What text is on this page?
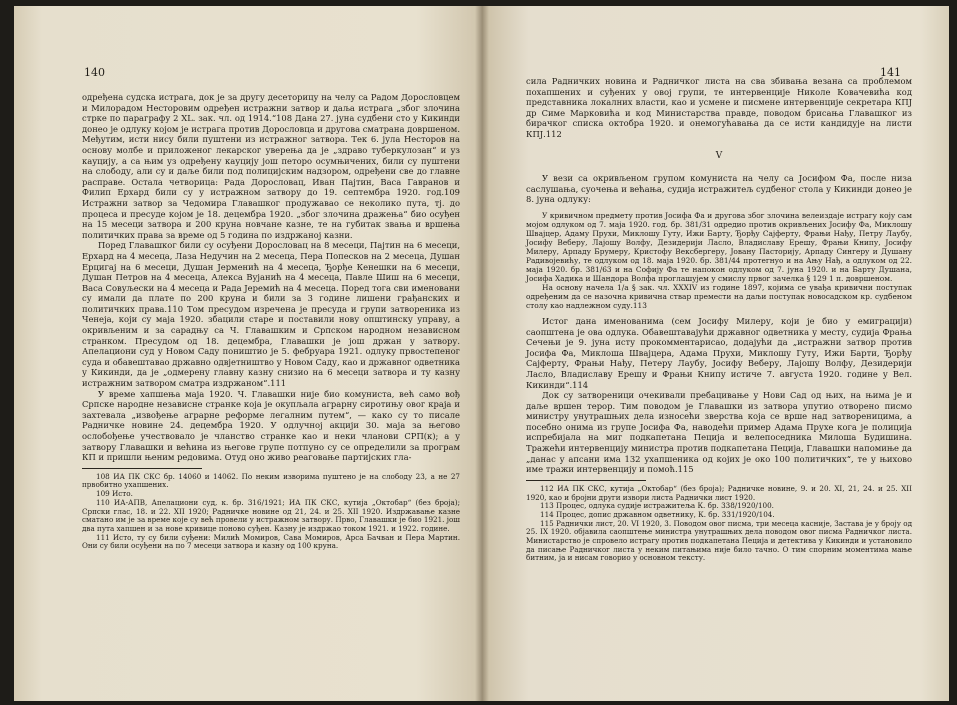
140

одређена судска истрага, док је за другу десеторицу на челу са Радом Дорословцем и Милорадом Несторовим одређен истражни затвор и даља истрага „због злочина стрке по параграфу 2 ХL. зак. чл. од 1914.“108 Дана 27. јуна судбени сто у Кикинди донео је одлуку којом је истрага против Дорословца и другова сматрана довршеном. Међутим, исти нису били пуштени из истражног затвора. Тек 6. јула Несторов на основу молбе и приложеног лекарског уверења да је „здраво туберкулозан“ и уз кауцију, а са њим уз одређену кауцију још петоро осумњичених, били су пуштени на слободу, али су и даље били под полицијским надзором, одређени све до главне расправе. Остала четворица: Рада Дорословац, Иван Пајтин, Васа Гавранов и Филип Ерхард били су у истражном затвору до 19. септембра 1920. год.109 Истражни затвор за Чедомира Главашког продужавао се неколико пута, тј. до процеса и пресуде којом је 18. децембра 1920. „због злочина дражења“ био осуђен на 15 месеци затвора и 200 круна новчане казне, те на губитак звања и вршења политичких права за време од 5 година по издржаној казни.

Поред Главашког били су осуђени Дорословац на 8 месеци, Пајтин на 6 месеци, Ерхард на 4 месеца, Лаза Недучин на 2 месеца, Пера Попесков на 2 месеца, Душан Ерцигај на 6 месеци, Душан Јерменић на 4 месеца, Ђорђе Кенешки на 6 месеци, Душан Петров на 4 месеца, Алекса Вујанић на 4 месеца, Павле Шиш на 6 месеци, Васа Совуљески на 4 месеца и Рада Јеремић на 4 месеца. Поред тога сви именовани су имали да плате по 200 круна и били за 3 године лишени грађанских и политичких права.110 Том пресудом изречена је пресуда и групи затвореника из Ченеја, који су маја 1920. збацили старе и поставили нову општинску управу, а окривљеним и за сарадњу са Ч. Главашким и Српском народном независном странком. Пресудом од 18. децембра, Главашки је још држан у затвору. Апелациони суд у Новом Саду поништио је 5. фебруара 1921. одлуку првостепеног суда и обавештавао државно одвјетништво у Новом Саду, као и државног одветника у Кикинди, да је „одмерену главну казну снизио на 6 месеци затвора и ту казну истражним затвором сматра издржаном“.111

У време хапшења маја 1920. Ч. Главашки није био комуниста, већ само вођ Српске народне независне странке која је окупљала аграрну сиротињу овог краја и захтевала „извођење аграрне реформе легалним путем“, — како су то писале Радничке новине 24. децембра 1920. У одлучној акцији 30. маја за његово ослобођење учествовало је чланство странке као и неки чланови СРП(к); а у затвору Главашки и већина из његове групе потпуно су се определили за програм КП и пришли њеним редовима. Отуд оно живо реаговање партијских гла-

108 ИА ПК СКС бр. 14060 и 14062. По неким изворима пуштено је на слободу 23, а не 27 првобитно ухапшених.

109 Исто.

110 ИА-АПВ, Апелациони суд, к. бр. 316/1921; ИА ПК СКС, кутија „Октобар“ (без броја); Српски глас, 18. и 22. ХII 1920; Радничке новине од 21, 24. и 25. ХII 1920. Издржавање казне сматано им је за време које су већ провели у истражном затвору. Прво, Главашки је био 1921. још два пута хапшен и за нове кривице поново суђен. Казну је издржао током 1921. и 1922. године.

111 Исто, ту су били суђени: Милић Момиров, Сава Момиров, Арса Бачван и Пера Мартин. Они су били осуђени на по 7 месеци затвора и казну од 100 круна.

141

сила Радничких новина и Радничког листа на сва збивања везана са проблемом похапшених и суђених у овој групи, те интервенције Николе Ковачевића код представника локалних власти, као и усмене и писмене интервенције секретара КПЈ др Симе Марковића и код Министарства правде, поводом брисања Главашког из бирачког списка октобра 1920. и онемогућавања да се исти кандидује на листи КПЈ.112

V

У вези са окривљеном групом комуниста на челу са Јосифом Фа, после низа саслушања, суочења и већања, судија истражитељ судбеног стола у Кикинди донео је 8. јуна одлуку:

У кривичном предмету против Јосифа Фа и другова због злочина велеиздаје истрагу коју сам мојом одлуком од 7. маја 1920. год. бр. 381/31 одредио против окривљених Јосифу Фа, Миклошу Швајцер, Адаму Прухи, Миклошу Гуту, Ижи Барту, Ђорђу Сајферту, Фрањи Нађу, Петру Лаубу, Јосифу Веберу, Лајошу Волфу, Дезидерији Ласло, Владиславу Ерешу, Фрањи Книпу, Јосифу Милеру, Арпаду Брумеру, Кристофу Вексбергеру, Јовану Пасторију, Арпаду Сингеру и Душану Радивојевићу, те одлуком од 18. маја 1920. бр. 381/44 протегнуо и на Ању Нађ, а одлуком од 22. маја 1920. бр. 381/63 и на Софију Фа те напокон одлуком од 7. јуна 1920. и на Барту Душана, Јосифа Хадика и Шандора Волфа проглашујем у смислу првог зачелка § 129 1 п. довршеном.

На основу начела 1/а § зак. чл. ХХХIV из године 1897, којима се увађа кривични поступак одређеним да се назочна кривична ствар премести на даљи поступак новосадском кр. судбеном столу као надлежном суду.113

Истог дана именованима (сем Јосифу Милеру, који је био у емиграцији) саопштена је ова одлука. Обавештавајући државног одветника у месту, судија Фрања Сечењи је 9. јуна исту прокомментарисао, додајући да „истражни затвор против Јосифа Фа, Миклоша Швајцера, Адама Прухи, Миклошу Гуту, Ижи Барти, Ђорђу Сајферту, Фрањи Нађу, Петеру Лаубу, Јосифу Веберу, Лајошу Волфу, Дезидерији Ласло, Владиславу Ерешу и Фрањи Книпу истиче 7. августа 1920. године у Вел. Кикинди“.114

Док су затвореници очекивали пребацивање у Нови Сад од њих, на њима је и даље вршен терор. Тим поводом је Главашки из затвора упутио отворено писмо министру унутрашњих дела износећи зверства која се врше над затвореницима, а посебно онима из групе Јосифа Фа, наводећи пример Адама Прухе кога је полиција испребијала на миг подкапетана Пеција и велепоседника Милоша Будишина. Тражећи интервенцију министра против подкапетана Пеција, Главашки напомиње да „данас у апсани има 132 ухапшеника од којих је око 100 политичких“, те у њихово име тражи интервенцију и помоћ.115

112 ИА ПК СКС, кутија „Октобар“ (без броја); Радничке новине, 9. и 20. ХI, 21, 24. и 25. ХII 1920, као и бројни други извори листа Раднички лист 1920.

113 Процес, одлука судије истражитеља К. бр. 338/1920/100.

114 Процес, допис државном одветнику, К. бр. 331/1920/104.

115 Раднички лист, 20. VI 1920, 3. Поводом овог писма, три месеца касније, Застава је у броју од 25. IХ 1920. објавила саопштење министра унутрашњих дела поводом овог писма Радничког листа. Министарство је спровело истрагу против подкапетана Пеција и детектива у Кикинди и установило да писање Радничког листа у неким питањима није било тачно. О тим спорним моментима мање битним, ја и нисам говорио у основном тексту.
